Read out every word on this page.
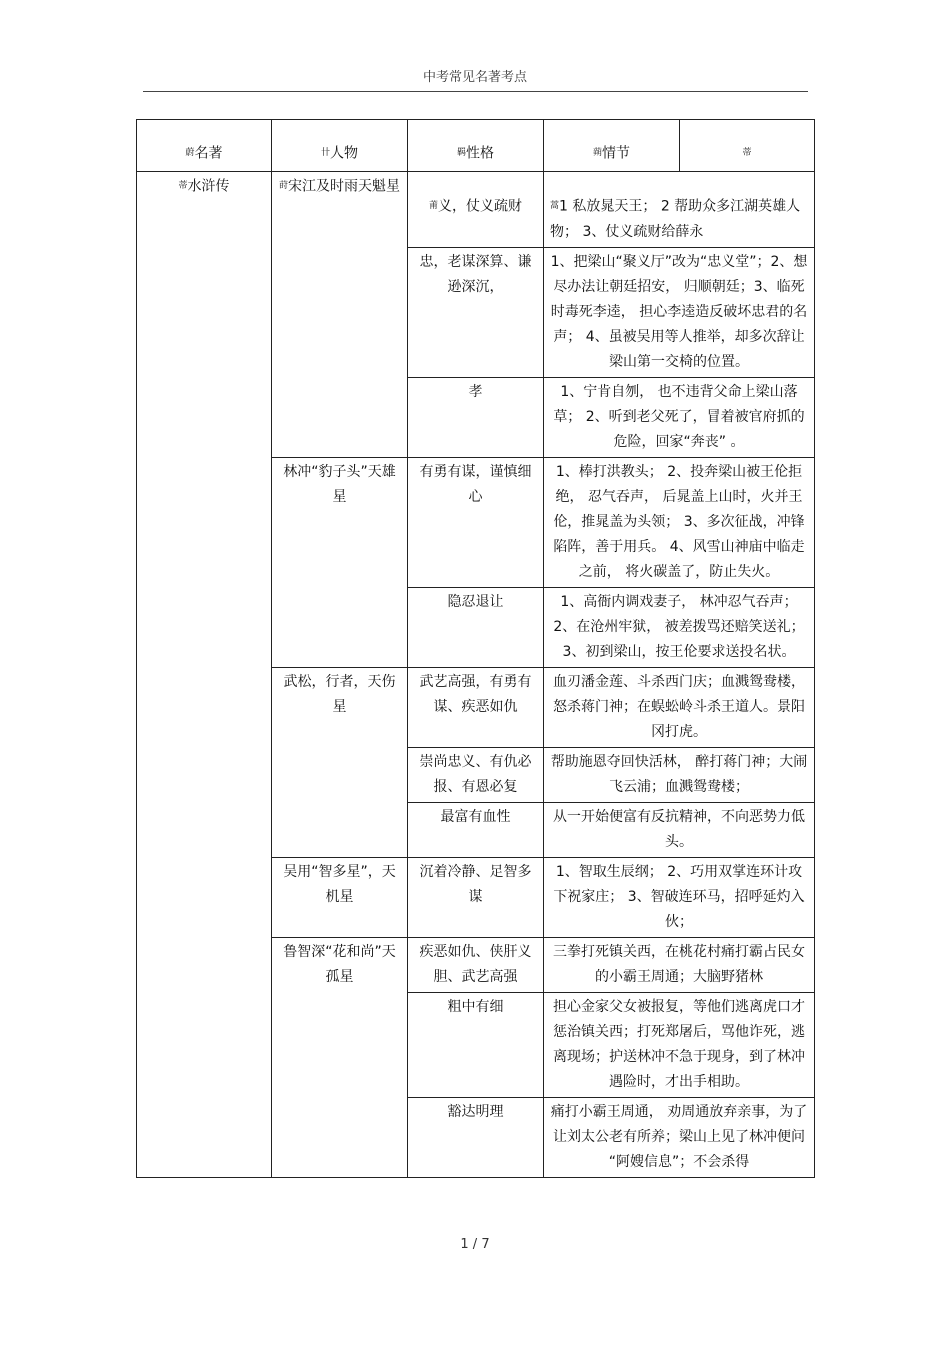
中考常见名著考点
蔚名著	卄人物	羁性格	蒴情节	蒂
蒂水浒传	莳宋江及时雨天魁星	莆义，仗义疏财	蒿1 私放晁天王； 2 帮助众多江湖英雄人物； 3、仗义疏财给薛永	
		忠，老谋深算、谦逊深沉，	1、把梁山“聚义厅”改为“忠义堂”；2、想尽办法让朝廷招安， 归顺朝廷；3、临死时毒死李逵， 担心李逵造反破坏忠君的名声； 4、虽被吴用等人推举，却多次辞让梁山第一交椅的位置。	
		孝	1、宁肯自刎， 也不违背父命上梁山落草； 2、听到老父死了，冒着被官府抓的危险，回家“奔丧” 。	
	林冲“豹子头”天雄星	有勇有谋，谨慎细心	1、棒打洪教头； 2、投奔梁山被王伦拒绝， 忍气吞声， 后晁盖上山时，火并王伦，推晁盖为头领； 3、多次征战，冲锋陷阵，善于用兵。 4、风雪山神庙中临走之前， 将火碳盖了，防止失火。	
		隐忍退让	1、高衙内调戏妻子， 林冲忍气吞声；2、在沧州牢狱， 被差拨骂还赔笑送礼； 3、初到梁山，按王伦要求送投名状。	
	武松，行者，天伤星	武艺高强，有勇有谋、疾恶如仇	血刃潘金莲、斗杀西门庆；血溅鸳鸯楼，怒杀蒋门神；在蜈蚣岭斗杀王道人。景阳冈打虎。	
		崇尚忠义、有仇必报、有恩必复	帮助施恩夺回快活林， 醉打蒋门神；大闹飞云浦；血溅鸳鸯楼；	
		最富有血性	从一开始便富有反抗精神，不向恶势力低头。	
	吴用“智多星”，天机星	沉着冷静、足智多谋	1、智取生辰纲； 2、巧用双掌连环计攻下祝家庄； 3、智破连环马，招呼延灼入伙；	
	鲁智深“花和尚”天孤星	疾恶如仇、侠肝义胆、武艺高强	三拳打死镇关西，在桃花村痛打霸占民女的小霸王周通；大脑野猪林	
		粗中有细	担心金家父女被报复，等他们逃离虎口才惩治镇关西；打死郑屠后，骂他诈死，逃离现场；护送林冲不急于现身，到了林冲遇险时，才出手相助。	
		豁达明理	痛打小霸王周通， 劝周通放弃亲事，为了让刘太公老有所养；梁山上见了林冲便问 “阿嫂信息”；不会杀得	
1 / 7
